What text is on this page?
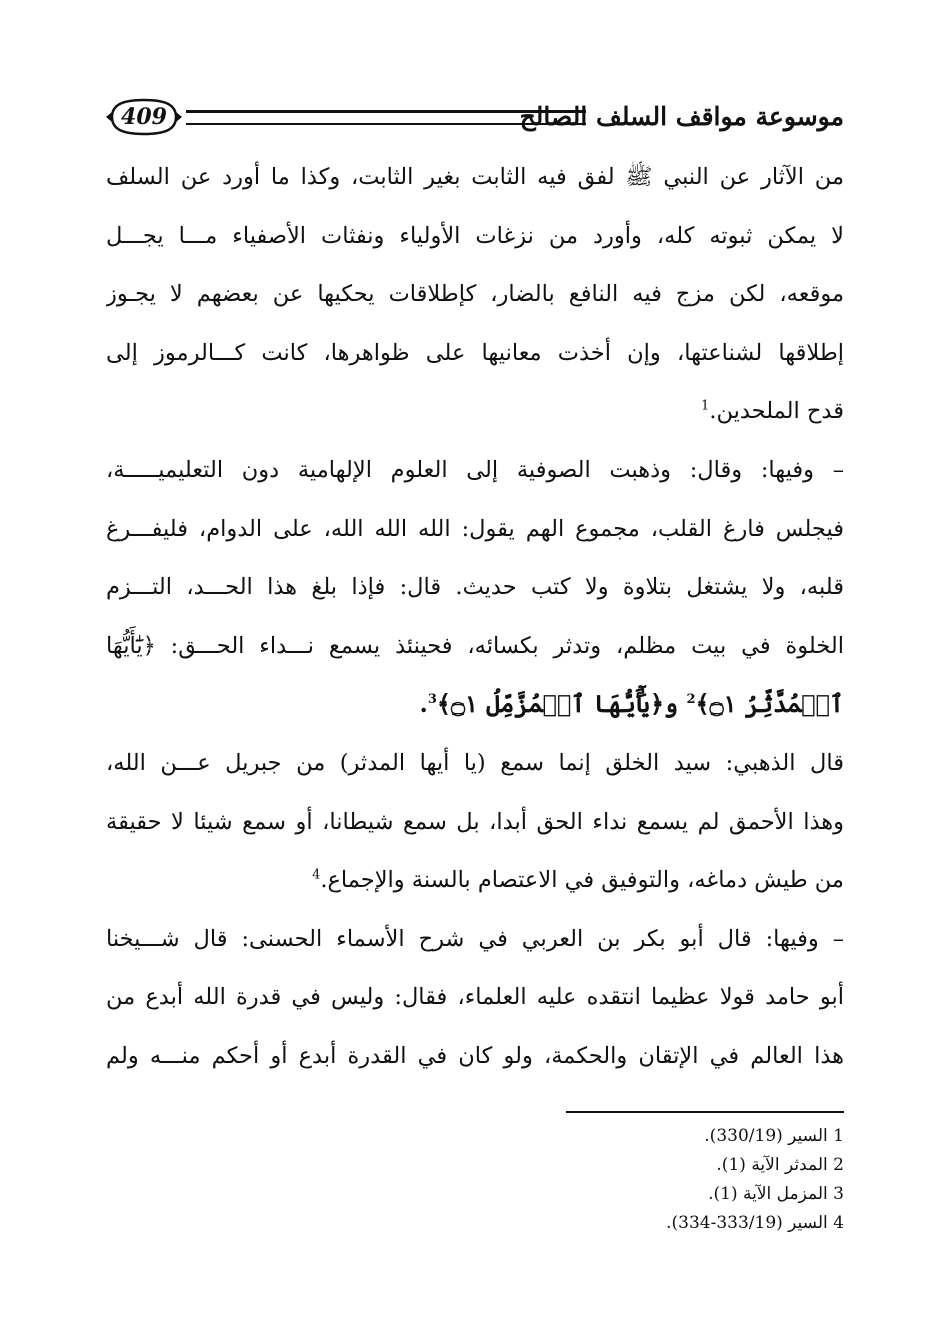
409	موسوعة مواقف السلف الصالح
من الآثار عن النبي ﷺ لفق فيه الثابت بغير الثابت، وكذا ما أورد عن السلف
لا يمكن ثبوته كله، وأورد من نزغات الأولياء ونفثات الأصفياء مـــا يجـــل
موقعه، لكن مزج فيه النافع بالضار، كإطلاقات يحكيها عن بعضهم لا يجـوز
إطلاقها لشناعتها، وإن أخذت معانيها على ظواهرها، كانت كـــالرموز إلى
قدح الملحدين.$^1$
– وفيها: وقال: وذهبت الصوفية إلى العلوم الإلهامية دون التعليميـــــة،
فيجلس فارغ القلب، مجموع الهم يقول: الله الله الله، على الدوام، فليفـــرغ
قلبه، ولا يشتغل بتلاوة ولا كتب حديث. قال: فإذا بلغ هذا الحـــد، التـــزم
الخلوة في بيت مظلم، وتدثر بكسائه، فحينئذ يسمع نـــداء الحـــق: ﴿يَٰٓأَيُّهَا
ٱلۡمُدَّثِّرُ ۝١﴾$^2$ و﴿يَٰٓأَيُّهَا ٱلۡمُزَّمِّلُ ۝١﴾$^3$.
قال الذهبي: سيد الخلق إنما سمع (يا أيها المدثر) من جبريل عـــن الله،
وهذا الأحمق لم يسمع نداء الحق أبدا، بل سمع شيطانا، أو سمع شيئا لا حقيقة
من طيش دماغه، والتوفيق في الاعتصام بالسنة والإجماع.$^4$
– وفيها: قال أبو بكر بن العربي في شرح الأسماء الحسنى: قال شـــيخنا
أبو حامد قولا عظيما انتقده عليه العلماء، فقال: وليس في قدرة الله أبدع من
هذا العالم في الإتقان والحكمة، ولو كان في القدرة أبدع أو أحكم منـــه ولم
1 السير (330/19).
2 المدثر الآية (1).
3 المزمل الآية (1).
4 السير (333/19-334).
